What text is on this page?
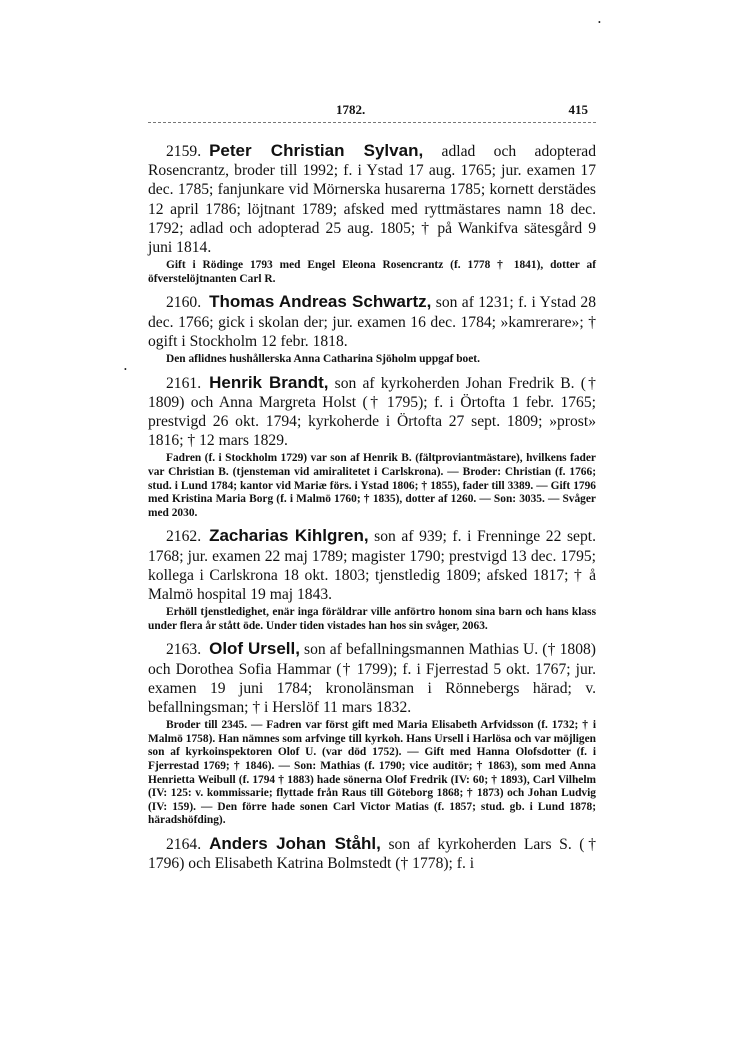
•
•
1782.	415

2159. Peter Christian Sylvan, adlad och adopterad Rosencrantz, broder till 1992; f. i Ystad 17 aug. 1765; jur. examen 17 dec. 1785; fanjunkare vid Mörnerska husarerna 1785; kornett derstädes 12 april 1786; löjtnant 1789; afsked med ryttmästares namn 18 dec. 1792; adlad och adopterad 25 aug. 1805; † på Wankifva sätesgård 9 juni 1814.

Gift i Rödinge 1793 med Engel Eleona Rosencrantz (f. 1778 † 1841), dotter af öfverstelöjtnanten Carl R.

2160. Thomas Andreas Schwartz, son af 1231; f. i Ystad 28 dec. 1766; gick i skolan der; jur. examen 16 dec. 1784; »kamrerare»; † ogift i Stockholm 12 febr. 1818.

Den aflidnes hushållerska Anna Catharina Sjöholm uppgaf boet.

2161. Henrik Brandt, son af kyrkoherden Johan Fredrik B. († 1809) och Anna Margreta Holst († 1795); f. i Örtofta 1 febr. 1765; prestvigd 26 okt. 1794; kyrkoherde i Örtofta 27 sept. 1809; »prost» 1816; † 12 mars 1829.

Fadren (f. i Stockholm 1729) var son af Henrik B. (fältproviantmästare), hvilkens fader var Christian B. (tjensteman vid amiralitetet i Carlskrona). — Broder: Christian (f. 1766; stud. i Lund 1784; kantor vid Mariæ förs. i Ystad 1806; † 1855), fader till 3389. — Gift 1796 med Kristina Maria Borg (f. i Malmö 1760; † 1835), dotter af 1260. — Son: 3035. — Svåger med 2030.

2162. Zacharias Kihlgren, son af 939; f. i Frenninge 22 sept. 1768; jur. examen 22 maj 1789; magister 1790; prestvigd 13 dec. 1795; kollega i Carlskrona 18 okt. 1803; tjenstledig 1809; afsked 1817; † å Malmö hospital 19 maj 1843.

Erhöll tjenstledighet, enär inga föräldrar ville anförtro honom sina barn och hans klass under flera år stått öde. Under tiden vistades han hos sin svåger, 2063.

2163. Olof Ursell, son af befallningsmannen Mathias U. († 1808) och Dorothea Sofia Hammar († 1799); f. i Fjerrestad 5 okt. 1767; jur. examen 19 juni 1784; kronolänsman i Rönnebergs härad; v. befallningsman; † i Herslöf 11 mars 1832.

Broder till 2345. — Fadren var först gift med Maria Elisabeth Arfvidsson (f. 1732; † i Malmö 1758). Han nämnes som arfvinge till kyrkoh. Hans Ursell i Harlösa och var möjligen son af kyrkoinspektoren Olof U. (var död 1752). — Gift med Hanna Olofsdotter (f. i Fjerrestad 1769; † 1846). — Son: Mathias (f. 1790; vice auditör; † 1863), som med Anna Henrietta Weibull (f. 1794 † 1883) hade sönerna Olof Fredrik (IV: 60; † 1893), Carl Vilhelm (IV: 125: v. kommissarie; flyttade från Raus till Göteborg 1868; † 1873) och Johan Ludvig (IV: 159). — Den förre hade sonen Carl Victor Matias (f. 1857; stud. gb. i Lund 1878; häradshöfding).

2164. Anders Johan Ståhl, son af kyrkoherden Lars S. († 1796) och Elisabeth Katrina Bolmstedt († 1778); f. i
